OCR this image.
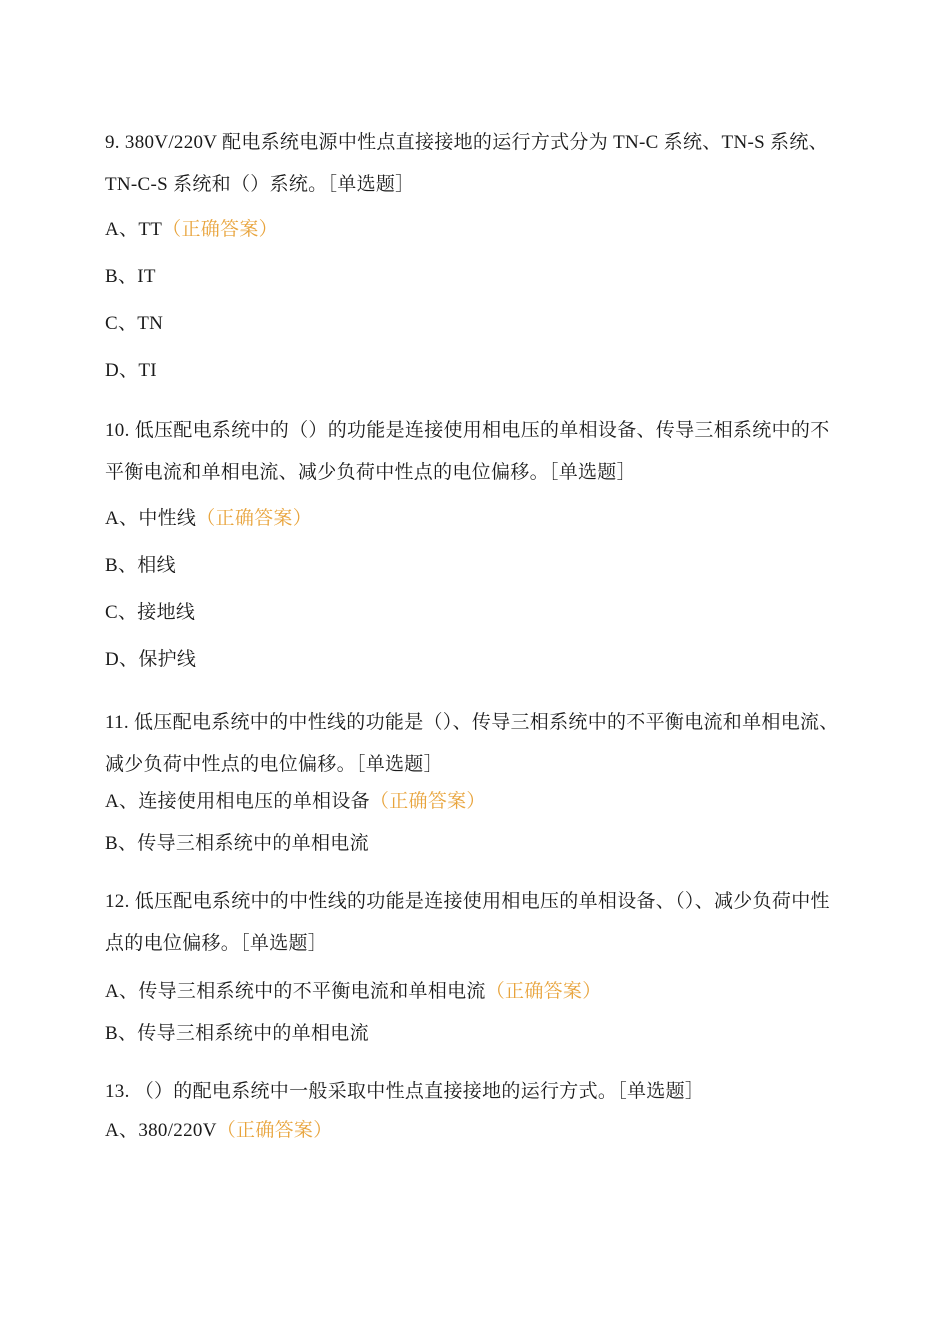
9. 380V/220V 配电系统电源中性点直接接地的运行方式分为 TN-C 系统、TN-S 系统、TN-C-S 系统和（）系统。［单选题］

A、TT（正确答案）

B、IT

C、TN

D、TI

10. 低压配电系统中的（）的功能是连接使用相电压的单相设备、传导三相系统中的不平衡电流和单相电流、减少负荷中性点的电位偏移。［单选题］

A、中性线（正确答案）

B、相线

C、接地线

D、保护线

11. 低压配电系统中的中性线的功能是（）、传导三相系统中的不平衡电流和单相电流、减少负荷中性点的电位偏移。［单选题］

A、连接使用相电压的单相设备（正确答案）

B、传导三相系统中的单相电流

12. 低压配电系统中的中性线的功能是连接使用相电压的单相设备、（）、减少负荷中性点的电位偏移。［单选题］

A、传导三相系统中的不平衡电流和单相电流（正确答案）

B、传导三相系统中的单相电流

13. （）的配电系统中一般采取中性点直接接地的运行方式。［单选题］

A、380/220V（正确答案）
